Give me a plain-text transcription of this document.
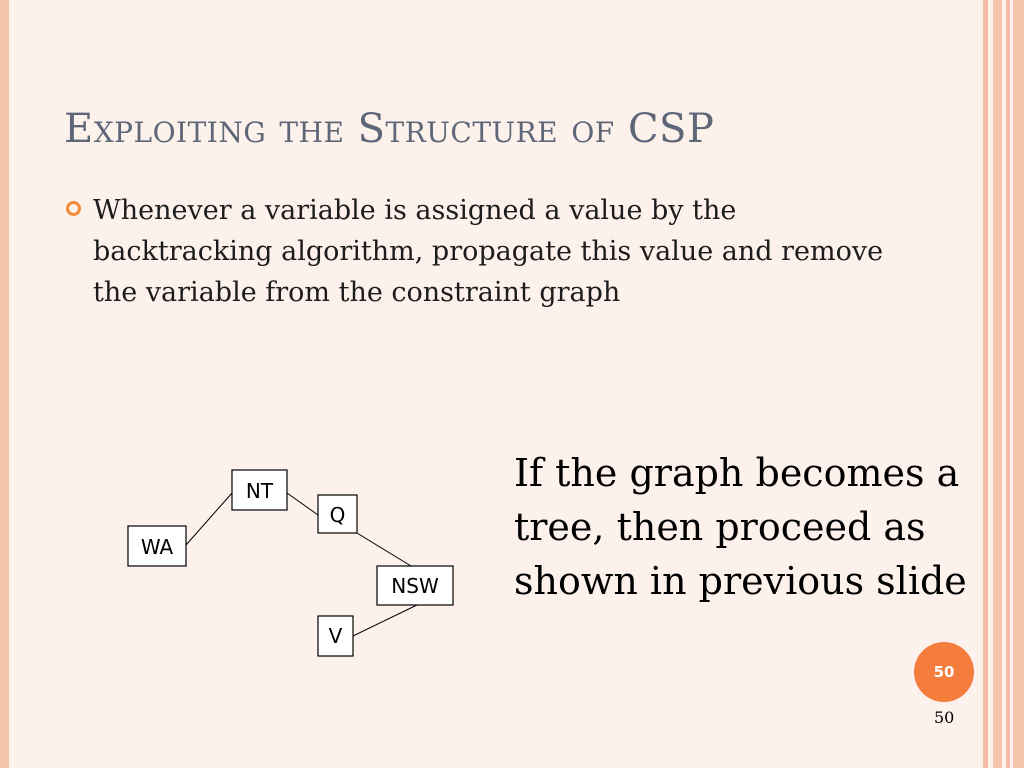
Exploiting the Structure of CSP

Whenever a variable is assigned a value by the backtracking algorithm, propagate this value and remove the variable from the constraint graph

NT
Q
WA
NSW
V

If the graph becomes a tree, then proceed as shown in previous slide

50
50
